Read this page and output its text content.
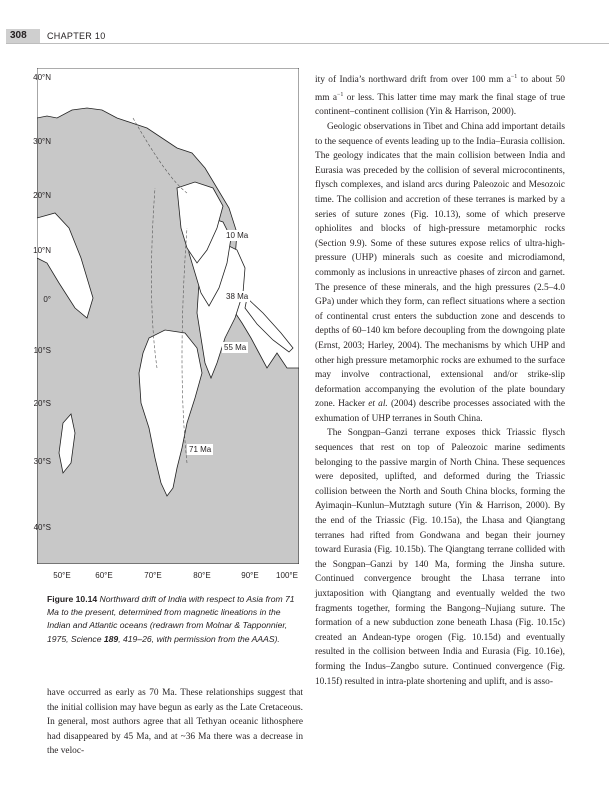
308	CHAPTER 10
40°N
30°N
20°N
10°N
0°
10°S
20°S
30°S
40°S
50°E	60°E	70°E	80°E	90°E	100°E
10 Ma
38 Ma
55 Ma
71 Ma
Figure 10.14 Northward drift of India with respect to Asia from 71 Ma to the present, determined from magnetic lineations in the Indian and Atlantic oceans (redrawn from Molnar & Tapponnier, 1975, Science 189, 419–26, with permission from the AAAS).

have occurred as early as 70 Ma. These relationships suggest that the initial collision may have begun as early as the Late Cretaceous. In general, most authors agree that all Tethyan oceanic lithosphere had disappeared by 45 Ma, and at ~36 Ma there was a decrease in the veloc-

ity of India’s northward drift from over 100 mm $a^{-1}$ to about 50 mm $a^{-1}$ or less. This latter time may mark the final stage of true continent–continent collision (Yin & Harrison, 2000).

Geologic observations in Tibet and China add important details to the sequence of events leading up to the India–Eurasia collision. The geology indicates that the main collision between India and Eurasia was preceded by the collision of several microcontinents, flysch complexes, and island arcs during Paleozoic and Mesozoic time. The collision and accretion of these terranes is marked by a series of suture zones (Fig. 10.13), some of which preserve ophiolites and blocks of high-pressure metamorphic rocks (Section 9.9). Some of these sutures expose relics of ultra-high-pressure (UHP) minerals such as coesite and microdiamond, commonly as inclusions in unreactive phases of zircon and garnet. The presence of these minerals, and the high pressures (2.5–4.0 GPa) under which they form, can reflect situations where a section of continental crust enters the subduction zone and descends to depths of 60–140 km before decoupling from the downgoing plate (Ernst, 2003; Harley, 2004). The mechanisms by which UHP and other high pressure metamorphic rocks are exhumed to the surface may involve contractional, extensional and/or strike-slip deformation accompanying the evolution of the plate boundary zone. Hacker et al. (2004) describe processes associated with the exhumation of UHP terranes in South China.

The Songpan–Ganzi terrane exposes thick Triassic flysch sequences that rest on top of Paleozoic marine sediments belonging to the passive margin of North China. These sequences were deposited, uplifted, and deformed during the Triassic collision between the North and South China blocks, forming the Ayimaqin–Kunlun–Mutztagh suture (Yin & Harrison, 2000). By the end of the Triassic (Fig. 10.15a), the Lhasa and Qiangtang terranes had rifted from Gondwana and began their journey toward Eurasia (Fig. 10.15b). The Qiangtang terrane collided with the Songpan–Ganzi by 140 Ma, forming the Jinsha suture. Continued convergence brought the Lhasa terrane into juxtaposition with Qiangtang and eventually welded the two fragments together, forming the Bangong–Nujiang suture. The formation of a new subduction zone beneath Lhasa (Fig. 10.15c) created an Andean-type orogen (Fig. 10.15d) and eventually resulted in the collision between India and Eurasia (Fig. 10.16e), forming the Indus–Zangbo suture. Continued convergence (Fig. 10.15f) resulted in intra-plate shortening and uplift, and is asso-
